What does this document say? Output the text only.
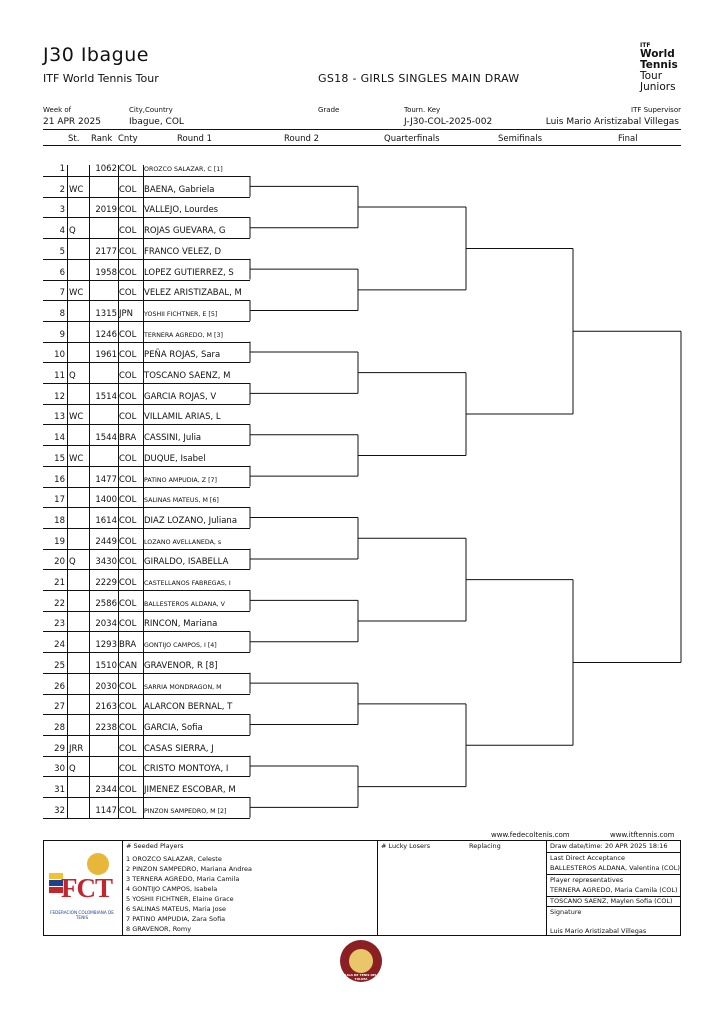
J30 Ibague
ITF World Tennis Tour	GS18 - GIRLS SINGLES MAIN DRAW
ITF
World
Tennis
Tour
Juniors
Week of
21 APR 2025
City,Country
Ibague, COL
Grade	Tourn. Key
J-J30-COL-2025-002
ITF Supervisor
Luis Mario Aristizabal Villegas
St. Rank Cnty	Round 1	Round 2	Quarterfinals	Semifinals	Final
1	1062 COL	OROZCO SALAZAR, C [1]
2 WC	COL BAENA, Gabriela
3	2019 COL VALLEJO, Lourdes
4 Q	COL ROJAS GUEVARA, G
5	2177 COL FRANCO VELEZ, D
6	1958 COL LOPEZ GUTIERREZ, S
7 WC	COL VELEZ ARISTIZABAL, M
8	1315 JPN	YOSHII FICHTNER, E [5]
9	1246 COL	TERNERA AGREDO, M [3]
10	1961 COL PEÑA ROJAS, Sara
11 Q	COL TOSCANO SAENZ, M
12	1514 COL GARCIA ROJAS, V
13 WC	COL VILLAMIL ARIAS, L
14	1544 BRA CASSINI, Julia
15 WC	COL DUQUE, Isabel
16	1477 COL	PATINO AMPUDIA, Z [7]
17	1400 COL	SALINAS MATEUS, M [6]
18	1614 COL DIAZ LOZANO, Juliana
19	2449 COL	LOZANO AVELLANEDA, s
20 Q	3430 COL GIRALDO, ISABELLA
21	2229 COL	CASTELLANOS FABREGAS, I
22	2586 COL	BALLESTEROS ALDANA, V
23	2034 COL RINCON, Mariana
24	1293 BRA	GONTIJO CAMPOS, I [4]
25	1510 CAN GRAVENOR, R [8]
26	2030 COL	SARRIA MONDRAGON, M
27	2163 COL ALARCON BERNAL, T
28	2238 COL GARCIA, Sofia
29 JRR	COL CASAS SIERRA, J
30 Q	COL CRISTO MONTOYA, I
31	2344 COL JIMENEZ ESCOBAR, M
32	1147 COL	PINZON SAMPEDRO, M [2]
www.fedecoltenis.com	www.itftennis.com
# Seeded Players
1 OROZCO SALAZAR, Celeste
2 PINZON SAMPEDRO, Mariana Andrea
3 TERNERA AGREDO, Maria Camila
4 GONTIJO CAMPOS, Isabela
5 YOSHII FICHTNER, Elaine Grace
6 SALINAS MATEUS, Maria Jose
7 PATINO AMPUDIA, Zara Sofia
8 GRAVENOR, Romy
# Lucky Losers	Replacing	Draw date/time: 20 APR 2025 18:16
Last Direct Acceptance
BALLESTEROS ALDANA, Valentina (COL)
Player representatives
TERNERA AGREDO, Maria Camila (COL)
TOSCANO SAENZ, Maylen Sofia (COL)
Signature
Luis Mario Aristizabal Villegas
FCT
FEDERACION COLOMBIANA DE TENIS
LIGA DE TENIS DEL TOLIMA
